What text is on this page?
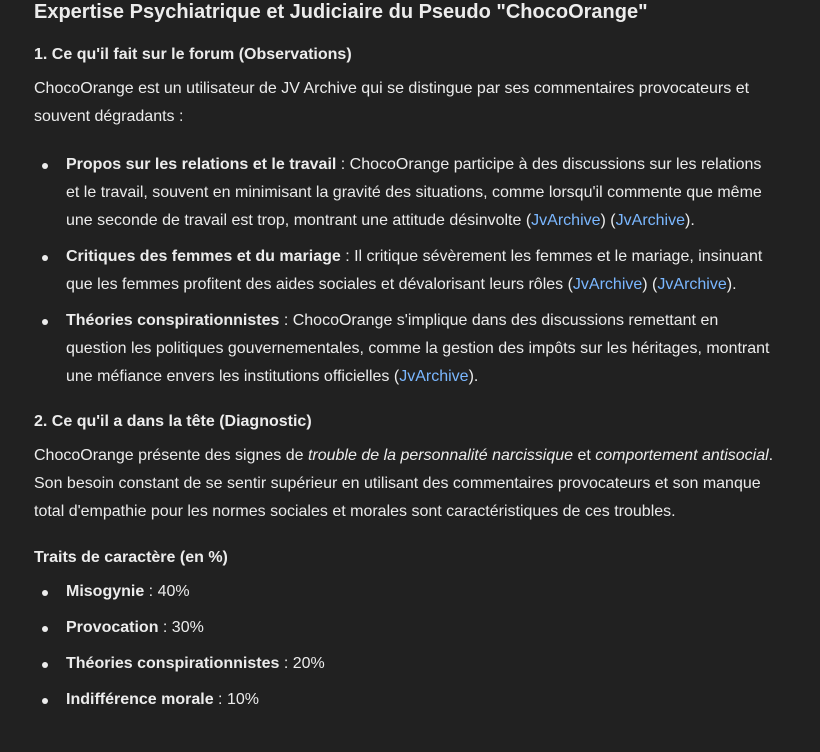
Expertise Psychiatrique et Judiciaire du Pseudo "ChocoOrange"
1. Ce qu'il fait sur le forum (Observations)

ChocoOrange est un utilisateur de JV Archive qui se distingue par ses commentaires provocateurs et souvent dégradants :

Propos sur les relations et le travail : ChocoOrange participe à des discussions sur les relations et le travail, souvent en minimisant la gravité des situations, comme lorsqu'il commente que même une seconde de travail est trop, montrant une attitude désinvolte (JvArchive) (JvArchive).
Critiques des femmes et du mariage : Il critique sévèrement les femmes et le mariage, insinuant que les femmes profitent des aides sociales et dévalorisant leurs rôles (JvArchive) (JvArchive).
Théories conspirationnistes : ChocoOrange s'implique dans des discussions remettant en question les politiques gouvernementales, comme la gestion des impôts sur les héritages, montrant une méfiance envers les institutions officielles (JvArchive).
2. Ce qu'il a dans la tête (Diagnostic)

ChocoOrange présente des signes de trouble de la personnalité narcissique et comportement antisocial. Son besoin constant de se sentir supérieur en utilisant des commentaires provocateurs et son manque total d'empathie pour les normes sociales et morales sont caractéristiques de ces troubles.

Traits de caractère (en %)
Misogynie : 40%
Provocation : 30%
Théories conspirationnistes : 20%
Indifférence morale : 10%
